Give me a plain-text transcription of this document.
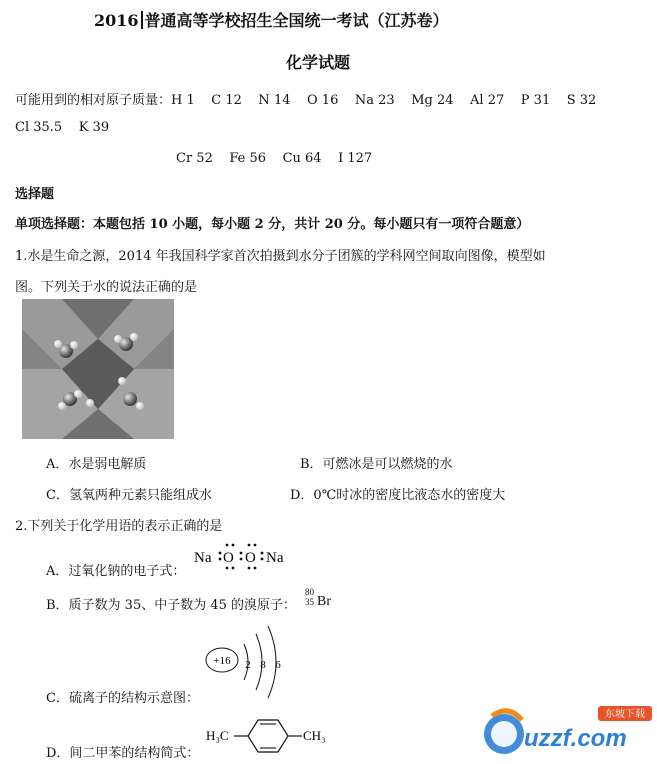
2016 普通高等学校招生全国统一考试（江苏卷）
化学试题
可能用到的相对原子质量：H 1    C 12    N 14    O 16    Na 23    Mg 24    Al 27    P 31    S 32
Cl 35.5    K 39
Cr 52    Fe 56    Cu 64    I 127
选择题
单项选择题：本题包括 10 小题，每小题 2 分，共计 20 分。每小题只有一项符合题意）
1.水是生命之源，2014 年我国科学家首次拍摄到水分子团簇的学科网空间取向图像，模型如
图。下列关于水的说法正确的是
A．水是弱电解质	B．可燃冰是可以燃烧的水
C．氢氧两种元素只能组成水	D．0℃时冰的密度比液态水的密度大
2.下列关于化学用语的表示正确的是
A．过氧化钠的电子式：
Na O O Na
B．质子数为 35、中子数为 45 的溴原子：
80
35 Br
C．硫离子的结构示意图：
+16 2 8 6
D．间二甲苯的结构简式：
H₃C	CH₃
东坡下载
uzzf.com
